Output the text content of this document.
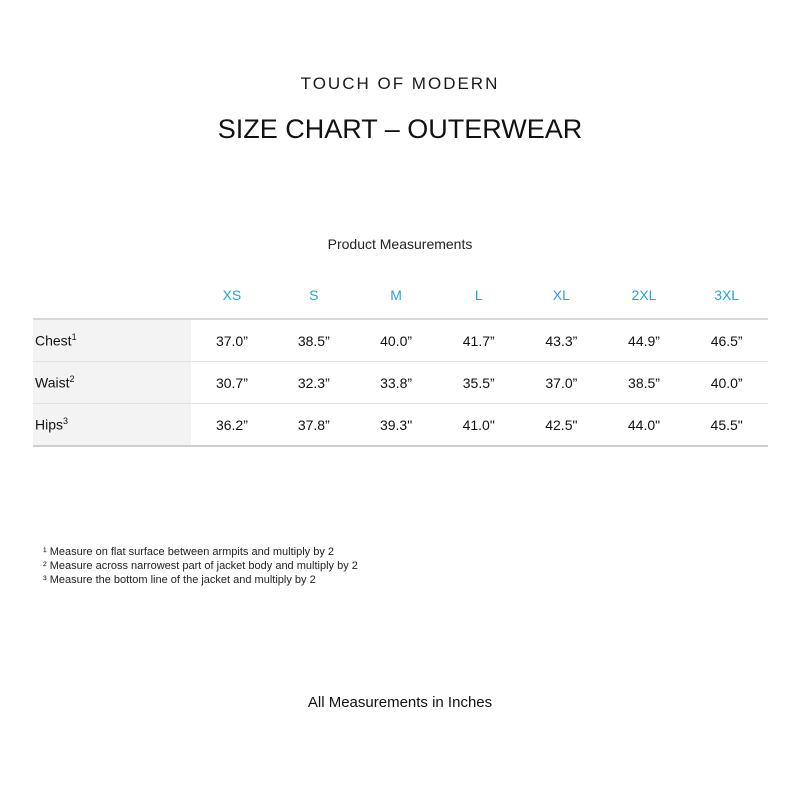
TOUCH OF MODERN
SIZE CHART – OUTERWEAR
Product Measurements
	XS	S	M	L	XL	2XL	3XL
Chest$^1$	37.0”	38.5”	40.0”	41.7”	43.3”	44.9”	46.5”
Waist$^2$	30.7”	32.3”	33.8”	35.5”	37.0”	38.5”	40.0”
Hips$^3$	36.2”	37.8”	39.3"	41.0"	42.5"	44.0"	45.5"
¹ Measure on flat surface between armpits and multiply by 2
² Measure across narrowest part of jacket body and multiply by 2
³ Measure the bottom line of the jacket and multiply by 2
All Measurements in Inches
